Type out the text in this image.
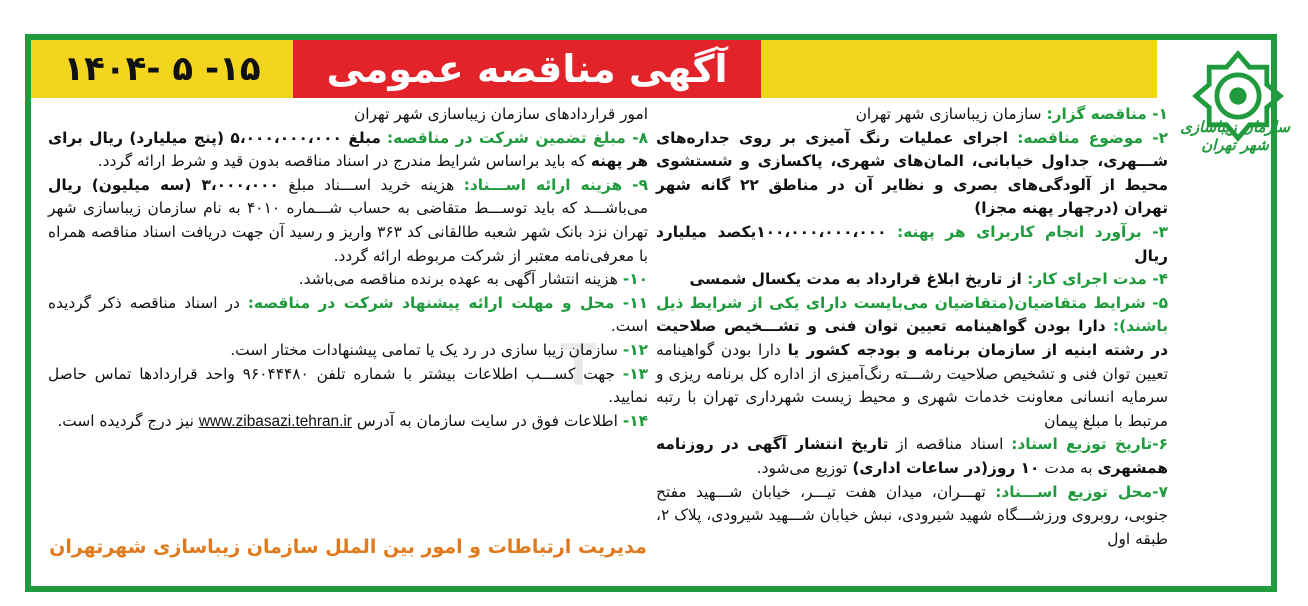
۱۴۰۴- ۵ -۱۵	آگهی مناقصه عمومی
سازمان زیباسازی شهر تهران
T

۱- مناقصه گزار: سازمان زیباسازی شهر تهران

۲- موضوع مناقصه: اجرای عملیات رنگ آمیزی بر روی جداره‌های شـــهری، جداول خیابانی، المان‌های شهری، پاکسازی و شستشوی محیط از آلودگی‌های بصری و نظایر آن در مناطق ۲۲ گانه شهر تهران (درچهار پهنه مجزا)

۳- برآورد انجام کاربرای هر پهنه: ۱۰۰،۰۰۰،۰۰۰،۰۰۰یکصد میلیارد ریال

۴- مدت اجرای کار: از تاریخ ابلاغ قرارداد به مدت یکسال شمسی

۵- شرایط متقاضیان(متقاضیان می‌بایست دارای یکی از شرایط ذیل باشند): دارا بودن گواهینامه تعیین توان فنی و تشـــخیص صلاحیت در رشته ابنیه از سازمان برنامه و بودجه کشور یا دارا بودن گواهینامه تعیین توان فنی و تشخیص صلاحیت رشـــته رنگ‌آمیزی از اداره کل برنامه ریزی و سرمایه انسانی معاونت خدمات شهری و محیط زیست شهرداری تهران با رتبه مرتبط با مبلغ پیمان

۶-تاریخ توزیع اسناد: اسناد مناقصه از تاریخ انتشار آگهی در روزنامه همشهری به مدت ۱۰ روز(در ساعات اداری) توزیع می‌شود.

۷-محل توزیع اســـناد: تهـــران، میدان هفت تیـــر، خیابان شـــهید مفتح جنوبی، روبروی ورزشـــگاه شهید شیرودی، نبش خیابان شـــهید شیرودی، پلاک ۲، طبقه اول

امور قراردادهای سازمان زیباسازی شهر تهران

۸- مبلغ تضمین شرکت در مناقصه: مبلغ ۵،۰۰۰،۰۰۰،۰۰۰ (پنج میلیارد) ریال برای هر پهنه که باید براساس شرایط مندرج در اسناد مناقصه بدون قید و شرط ارائه گردد.

۹- هزینه ارائه اســـناد: هزینه خرید اســـناد مبلغ ۳،۰۰۰،۰۰۰ (سه میلیون) ریال می‌باشـــد که باید توســـط متقاضی به حساب شـــماره ۴۰۱۰ به نام سازمان زیباسازی شهر تهران نزد بانک شهر شعبه طالقانی کد ۳۶۳ واریز و رسید آن جهت دریافت اسناد مناقصه همراه با معرفی‌نامه معتبر از شرکت مربوطه ارائه گردد.

۱۰- هزینه انتشار آگهی به عهده برنده مناقصه می‌باشد.

۱۱- محل و مهلت ارائه پیشنهاد شرکت در مناقصه: در اسناد مناقصه ذکر گردیده است.

۱۲- سازمان زیبا سازی در رد یک یا تمامی پیشنهادات مختار است.

۱۳- جهت کســـب اطلاعات بیشتر با شماره تلفن ۹۶۰۴۴۴۸۰ واحد قراردادها تماس حاصل نمایید.

۱۴- اطلاعات فوق در سایت سازمان به آدرس www.zibasazi.tehran.ir نیز درج گردیده است.

مدیریت ارتباطات و امور بین الملل سازمان زیباسازی شهرتهران
